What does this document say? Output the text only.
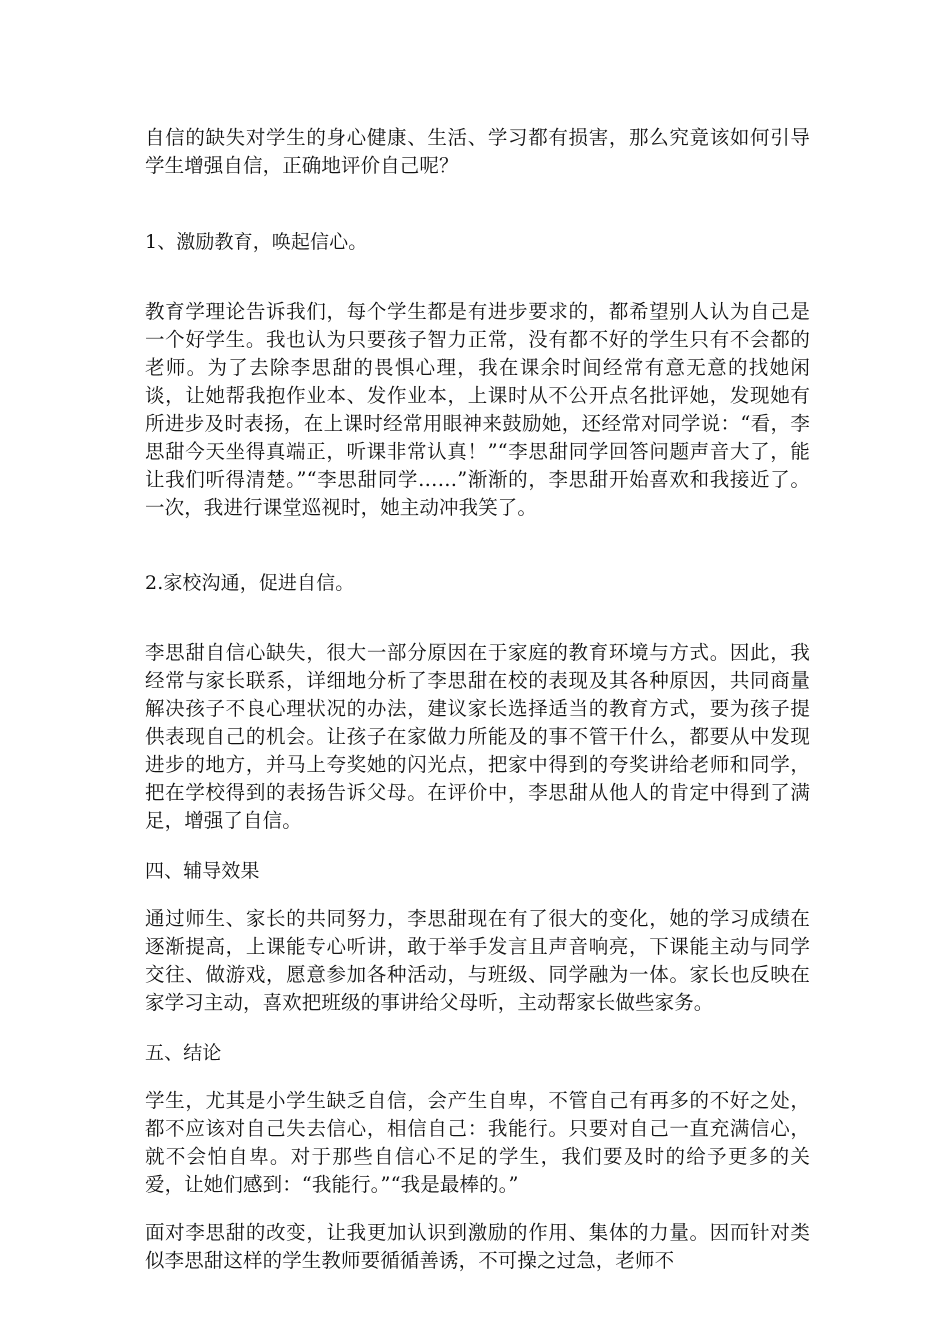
自信的缺失对学生的身心健康、生活、学习都有损害，那么究竟该如何引导学生增强自信，正确地评价自己呢？

1、激励教育，唤起信心。

教育学理论告诉我们，每个学生都是有进步要求的，都希望别人认为自己是一个好学生。我也认为只要孩子智力正常，没有都不好的学生只有不会都的老师。为了去除李思甜的畏惧心理，我在课余时间经常有意无意的找她闲谈，让她帮我抱作业本、发作业本，上课时从不公开点名批评她，发现她有所进步及时表扬，在上课时经常用眼神来鼓励她，还经常对同学说：“看，李思甜今天坐得真端正，听课非常认真！”“李思甜同学回答问题声音大了，能让我们听得清楚。”“李思甜同学……”渐渐的，李思甜开始喜欢和我接近了。一次，我进行课堂巡视时，她主动冲我笑了。

2.家校沟通，促进自信。

李思甜自信心缺失，很大一部分原因在于家庭的教育环境与方式。因此，我经常与家长联系，详细地分析了李思甜在校的表现及其各种原因，共同商量解决孩子不良心理状况的办法，建议家长选择适当的教育方式，要为孩子提供表现自己的机会。让孩子在家做力所能及的事不管干什么，都要从中发现进步的地方，并马上夸奖她的闪光点，把家中得到的夸奖讲给老师和同学，把在学校得到的表扬告诉父母。在评价中，李思甜从他人的肯定中得到了满足，增强了自信。

四、辅导效果

通过师生、家长的共同努力，李思甜现在有了很大的变化，她的学习成绩在逐渐提高，上课能专心听讲，敢于举手发言且声音响亮，下课能主动与同学交往、做游戏，愿意参加各种活动，与班级、同学融为一体。家长也反映在家学习主动，喜欢把班级的事讲给父母听，主动帮家长做些家务。

五、结论

学生，尤其是小学生缺乏自信，会产生自卑，不管自己有再多的不好之处，都不应该对自己失去信心，相信自己：我能行。只要对自己一直充满信心，就不会怕自卑。对于那些自信心不足的学生，我们要及时的给予更多的关爱，让她们感到：“我能行。”“我是最棒的。”

面对李思甜的改变，让我更加认识到激励的作用、集体的力量。因而针对类似李思甜这样的学生教师要循循善诱，不可操之过急，老师不
